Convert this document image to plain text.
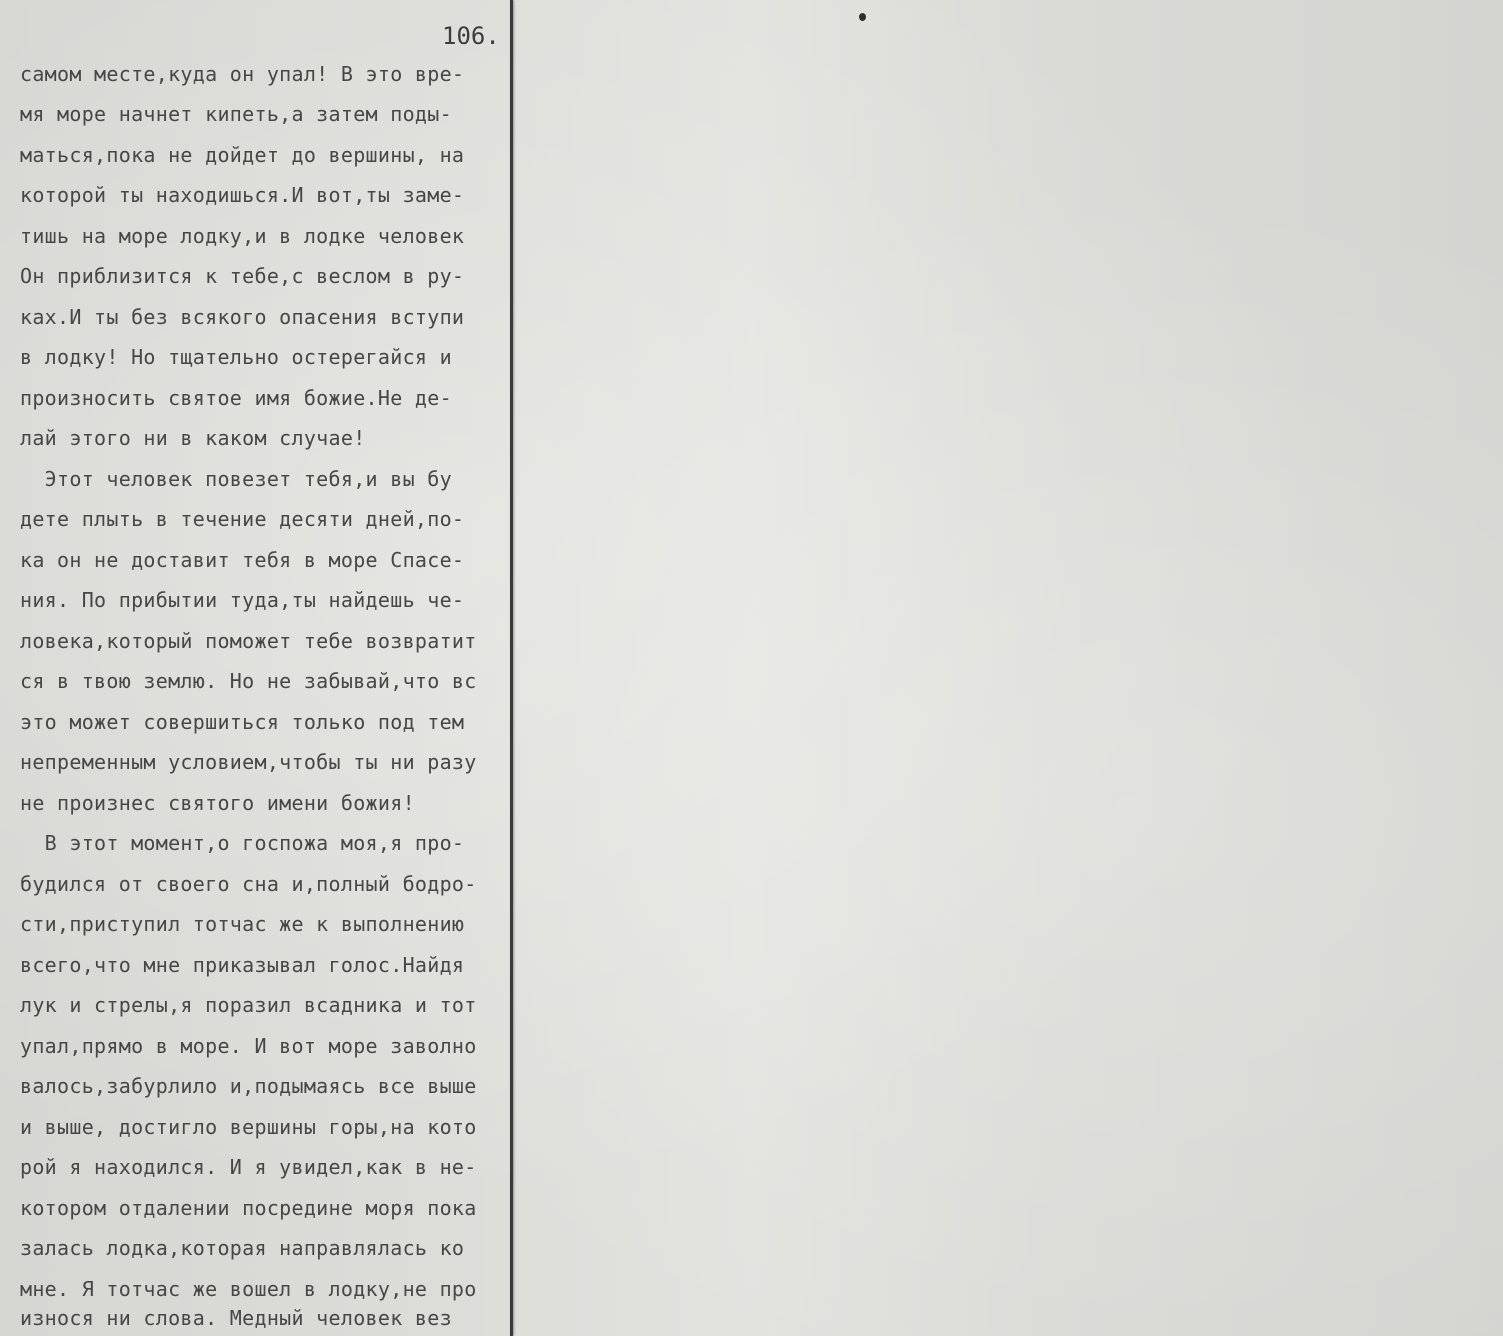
106.
самом месте,куда он упал! В это вре-
мя море начнет кипеть,а затем поды-
маться,пока не дойдет до вершины, на
которой ты находишься.И вот,ты заме-
тишь на море лодку,и в лодке человек
Он приблизится к тебе,с веслом в ру-
ках.И ты без всякого опасения вступи
в лодку! Но тщательно остерегайся и
произносить святое имя божие.Не де-
лай этого ни в каком случае!
Этот человек повезет тебя,и вы бу
дете плыть в течение десяти дней,по-
ка он не доставит тебя в море Спасе-
ния. По прибытии туда,ты найдешь че-
ловека,который поможет тебе возвратит
ся в твою землю. Но не забывай,что вс
это может совершиться только под тем
непременным условием,чтобы ты ни разу
не произнес святого имени божия!
В этот момент,о госпожа моя,я про-
будился от своего сна и,полный бодро-
сти,приступил тотчас же к выполнению
всего,что мне приказывал голос.Найдя
лук и стрелы,я поразил всадника и тот
упал,прямо в море. И вот море заволно
валось,забурлило и,подымаясь все выше
и выше, достигло вершины горы,на кото
рой я находился. И я увидел,как в не-
котором отдалении посредине моря пока
залась лодка,которая направлялась ко
мне. Я тотчас же вошел в лодку,не про
износя ни слова. Медный человек вез
